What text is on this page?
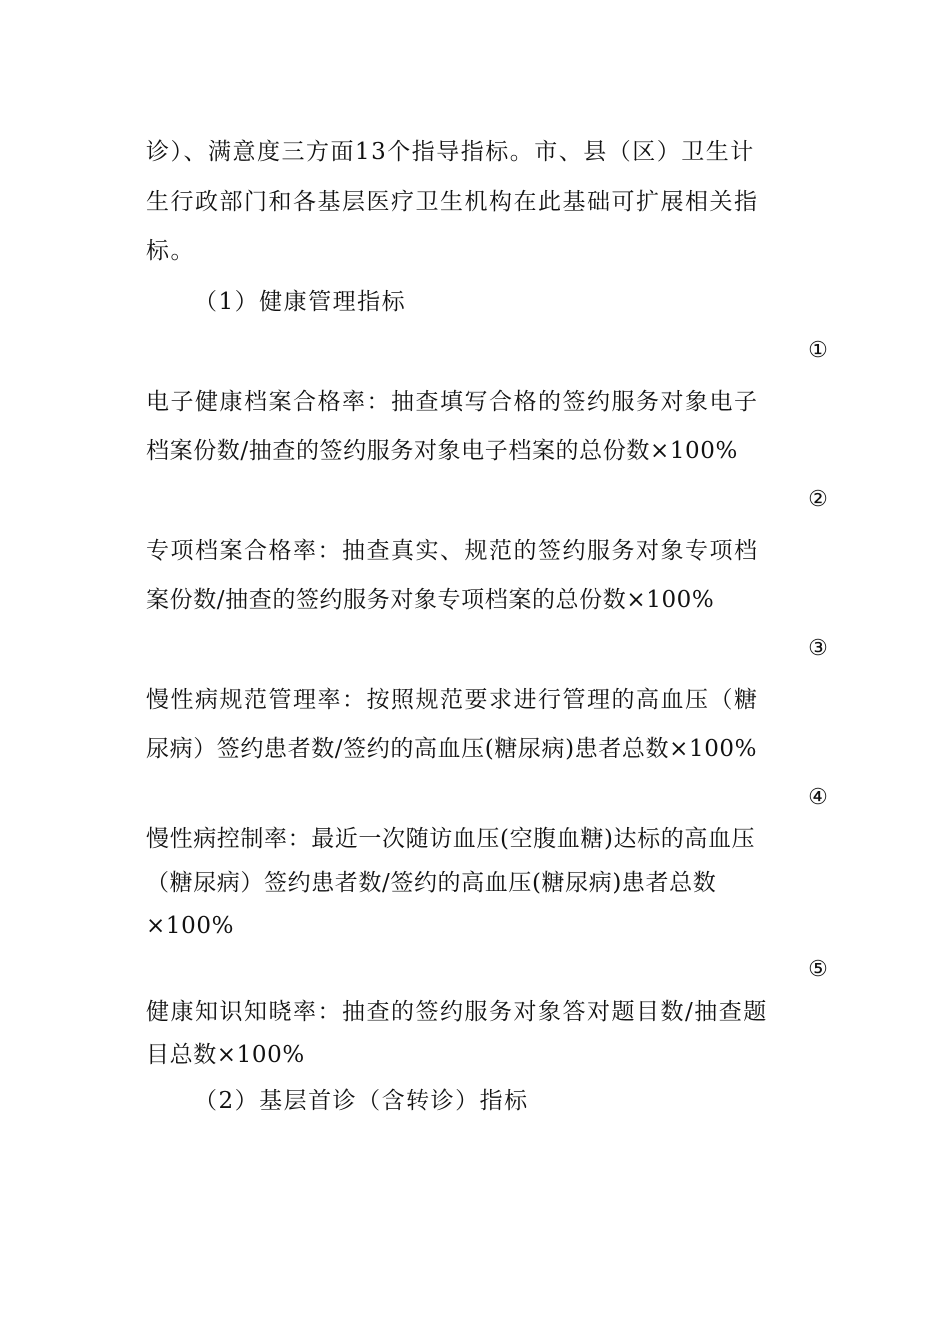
诊）、满意度三方面13个指导指标。市、县（区）卫生计
生行政部门和各基层医疗卫生机构在此基础可扩展相关指
标。
（1）健康管理指标
①
电子健康档案合格率：抽查填写合格的签约服务对象电子
档案份数/抽查的签约服务对象电子档案的总份数×100%
②
专项档案合格率：抽查真实、规范的签约服务对象专项档
案份数/抽查的签约服务对象专项档案的总份数×100%
③
慢性病规范管理率：按照规范要求进行管理的高血压（糖
尿病）签约患者数/签约的高血压(糖尿病)患者总数×100%
④
慢性病控制率：最近一次随访血压(空腹血糖)达标的高血压
（糖尿病）签约患者数/签约的高血压(糖尿病)患者总数
×100%
⑤
健康知识知晓率：抽查的签约服务对象答对题目数/抽查题
目总数×100%
（2）基层首诊（含转诊）指标
